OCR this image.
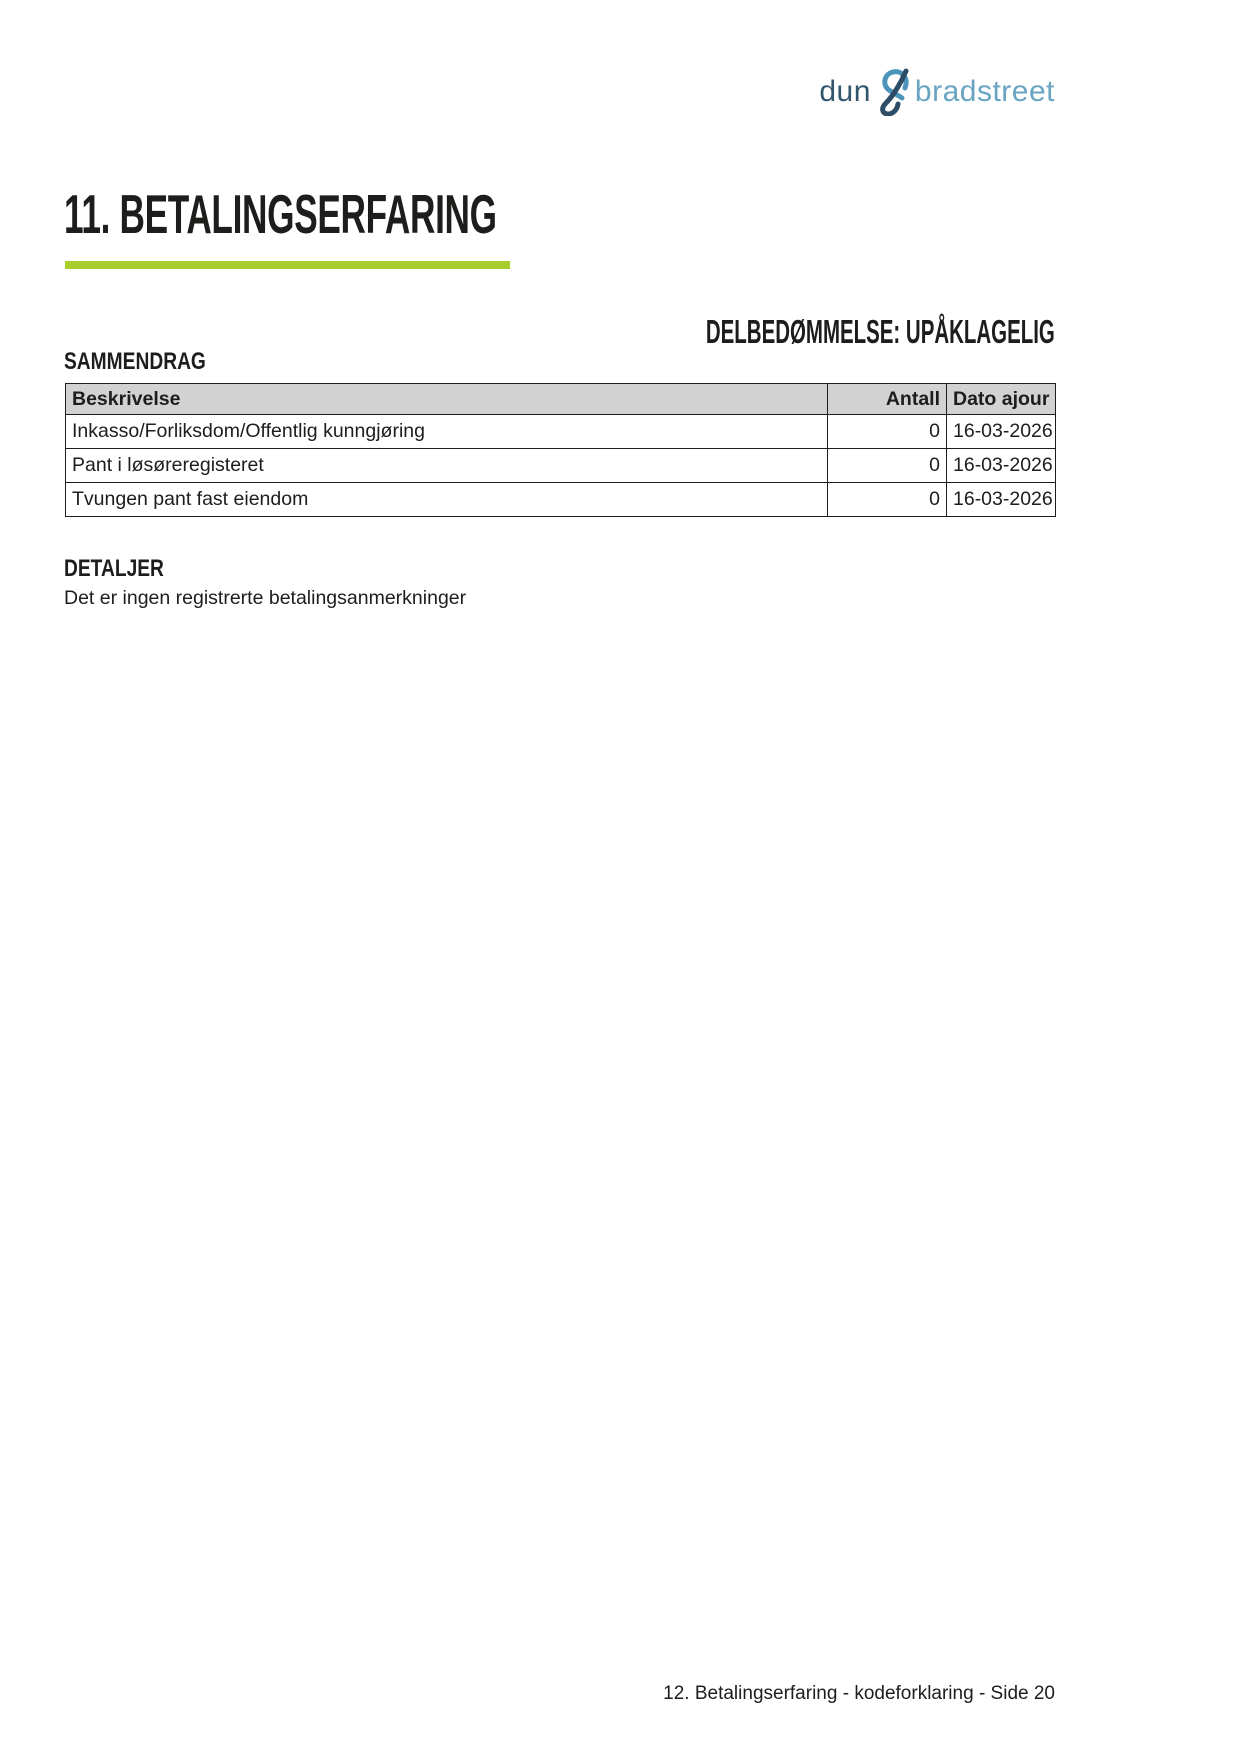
dun bradstreet
11. BETALINGSERFARING
DELBEDØMMELSE: UPÅKLAGELIG
SAMMENDRAG
Beskrivelse	Antall	Dato ajour
Inkasso/Forliksdom/Offentlig kunngjøring	0	16-03-2026
Pant i løsøreregisteret	0	16-03-2026
Tvungen pant fast eiendom	0	16-03-2026
DETALJER
Det er ingen registrerte betalingsanmerkninger
12. Betalingserfaring - kodeforklaring - Side 20
